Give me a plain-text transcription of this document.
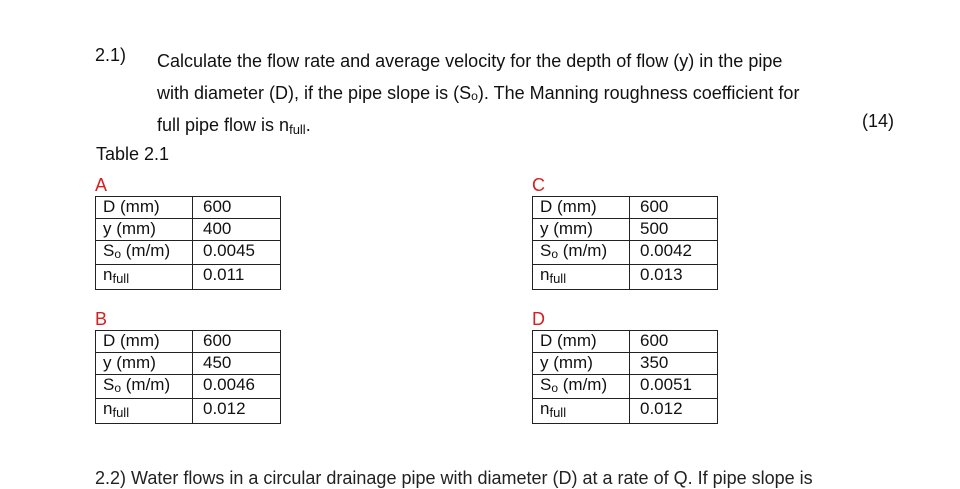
2.1) Calculate the flow rate and average velocity for the depth of flow (y) in the pipe
with diameter (D), if the pipe slope is (Sₒ). The Manning roughness coefficient for
full pipe flow is nfull.	(14)
Table 2.1
A
D (mm)	600
y (mm)	400
$S_o$ (m/m)	0.0045
nfull	0.011
B
D (mm)	600
y (mm)	450
$S_o$ (m/m)	0.0046
nfull	0.012
C
D (mm)	600
y (mm)	500
$S_o$ (m/m)	0.0042
nfull	0.013
D
D (mm)	600
y (mm)	350
$S_o$ (m/m)	0.0051
nfull	0.012
2.2) Water flows in a circular drainage pipe with diameter (D) at a rate of Q. If pipe slope is
